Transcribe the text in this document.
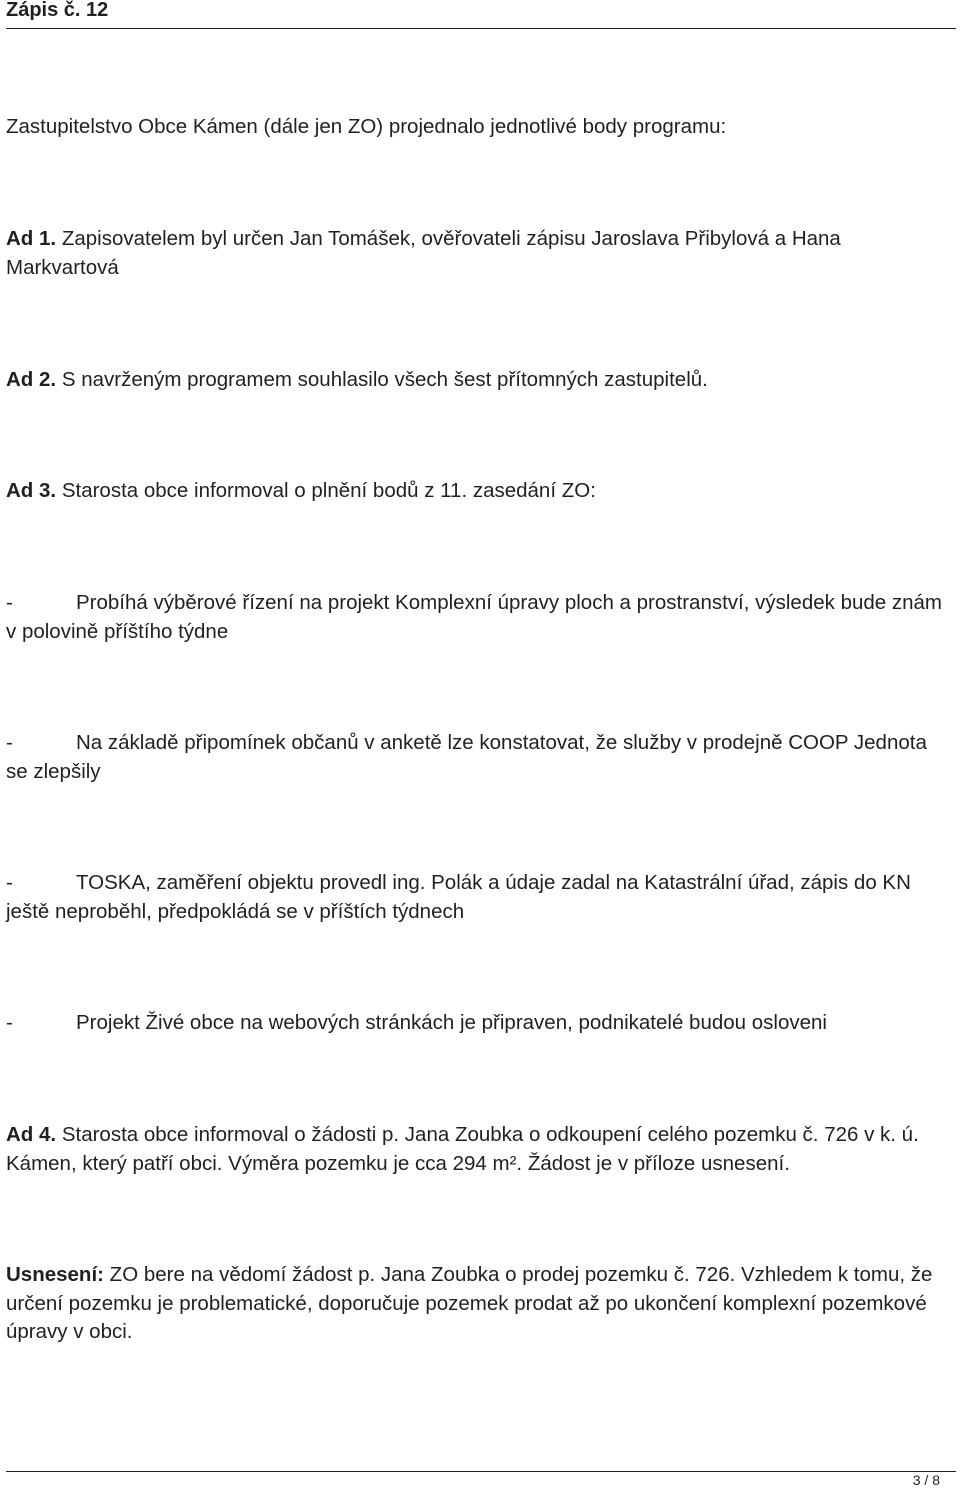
Zápis č. 12

Zastupitelstvo Obce Kámen (dále jen ZO) projednalo jednotlivé body programu:

Ad 1. Zapisovatelem byl určen Jan Tomášek, ověřovateli zápisu Jaroslava Přibylová a Hana Markvartová

Ad 2. S navrženým programem souhlasilo všech šest přítomných zastupitelů.

Ad 3. Starosta obce informoval o plnění bodů z 11. zasedání ZO:

-	Probíhá výběrové řízení na projekt Komplexní úpravy ploch a prostranství, výsledek bude znám v polovině příštího týdne

-	Na základě připomínek občanů v anketě lze konstatovat, že služby v prodejně COOP Jednota se zlepšily

-	TOSKA, zaměření objektu provedl ing. Polák a údaje zadal na Katastrální úřad, zápis do KN ještě neproběhl, předpokládá se v příštích týdnech

-	Projekt Živé obce na webových stránkách je připraven, podnikatelé budou osloveni

Ad 4. Starosta obce informoval o žádosti p. Jana Zoubka o odkoupení celého pozemku č. 726 v k. ú. Kámen, který patří obci. Výměra pozemku je cca 294 m². Žádost je v příloze usnesení.

Usnesení: ZO bere na vědomí žádost p. Jana Zoubka o prodej pozemku č. 726. Vzhledem k tomu, že určení pozemku je problematické, doporučuje pozemek prodat až po ukončení komplexní pozemkové úpravy v obci.

3 / 8
